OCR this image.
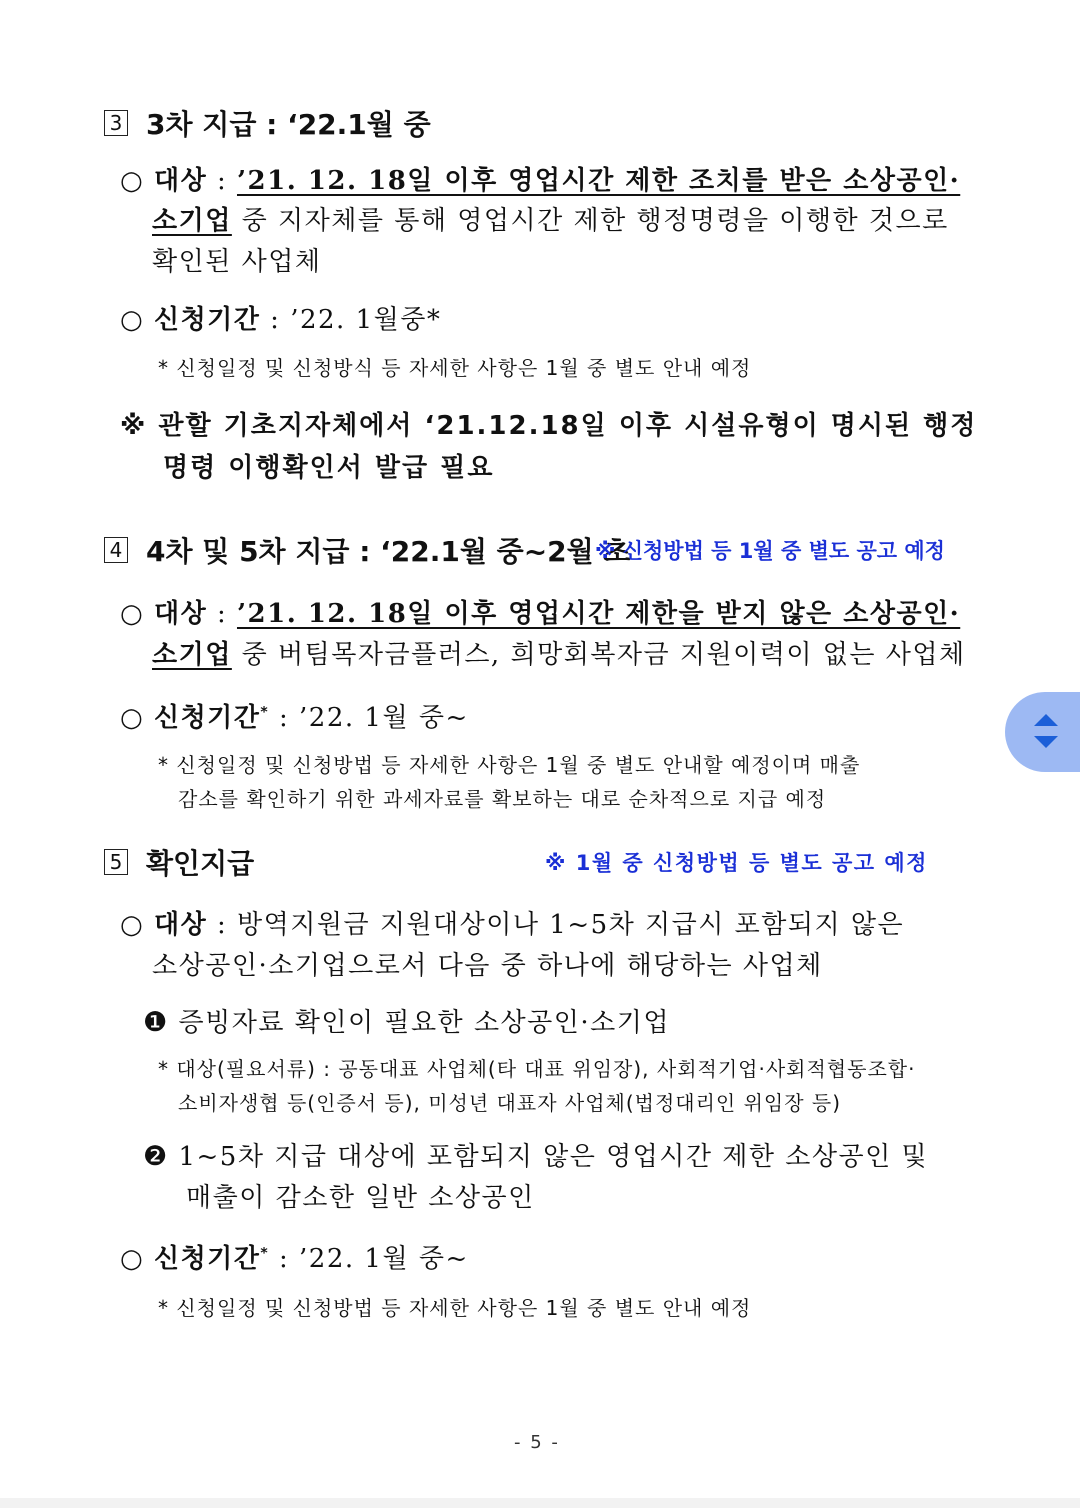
3 3차 지급 : ‘22.1월 중
○ 대상 : ’21. 12. 18일 이후 영업시간 제한 조치를 받은 소상공인·
소기업 중 지자체를 통해 영업시간 제한 행정명령을 이행한 것으로
확인된 사업체
○ 신청기간 : ’22. 1월중*
* 신청일정 및 신청방식 등 자세한 사항은 1월 중 별도 안내 예정
※ 관할 기초지자체에서 ‘21.12.18일 이후 시설유형이 명시된 행정
명령 이행확인서 발급 필요
4 4차 및 5차 지급 : ‘22.1월 중~2월 초
※ 신청방법 등 1월 중 별도 공고 예정
○ 대상 : ’21. 12. 18일 이후 영업시간 제한을 받지 않은 소상공인·
소기업 중 버팀목자금플러스, 희망회복자금 지원이력이 없는 사업체
○ 신청기간* : ’22. 1월 중~
* 신청일정 및 신청방법 등 자세한 사항은 1월 중 별도 안내할 예정이며 매출
감소를 확인하기 위한 과세자료를 확보하는 대로 순차적으로 지급 예정
5 확인지급	※ 1월 중 신청방법 등 별도 공고 예정
○ 대상 : 방역지원금 지원대상이나 1~5차 지급시 포함되지 않은
소상공인·소기업으로서 다음 중 하나에 해당하는 사업체
❶ 증빙자료 확인이 필요한 소상공인·소기업
* 대상(필요서류) : 공동대표 사업체(타 대표 위임장), 사회적기업·사회적협동조합·
소비자생협 등(인증서 등), 미성년 대표자 사업체(법정대리인 위임장 등)
❷ 1~5차 지급 대상에 포함되지 않은 영업시간 제한 소상공인 및
매출이 감소한 일반 소상공인
○ 신청기간* : ’22. 1월 중~
* 신청일정 및 신청방법 등 자세한 사항은 1월 중 별도 안내 예정
- 5 -
